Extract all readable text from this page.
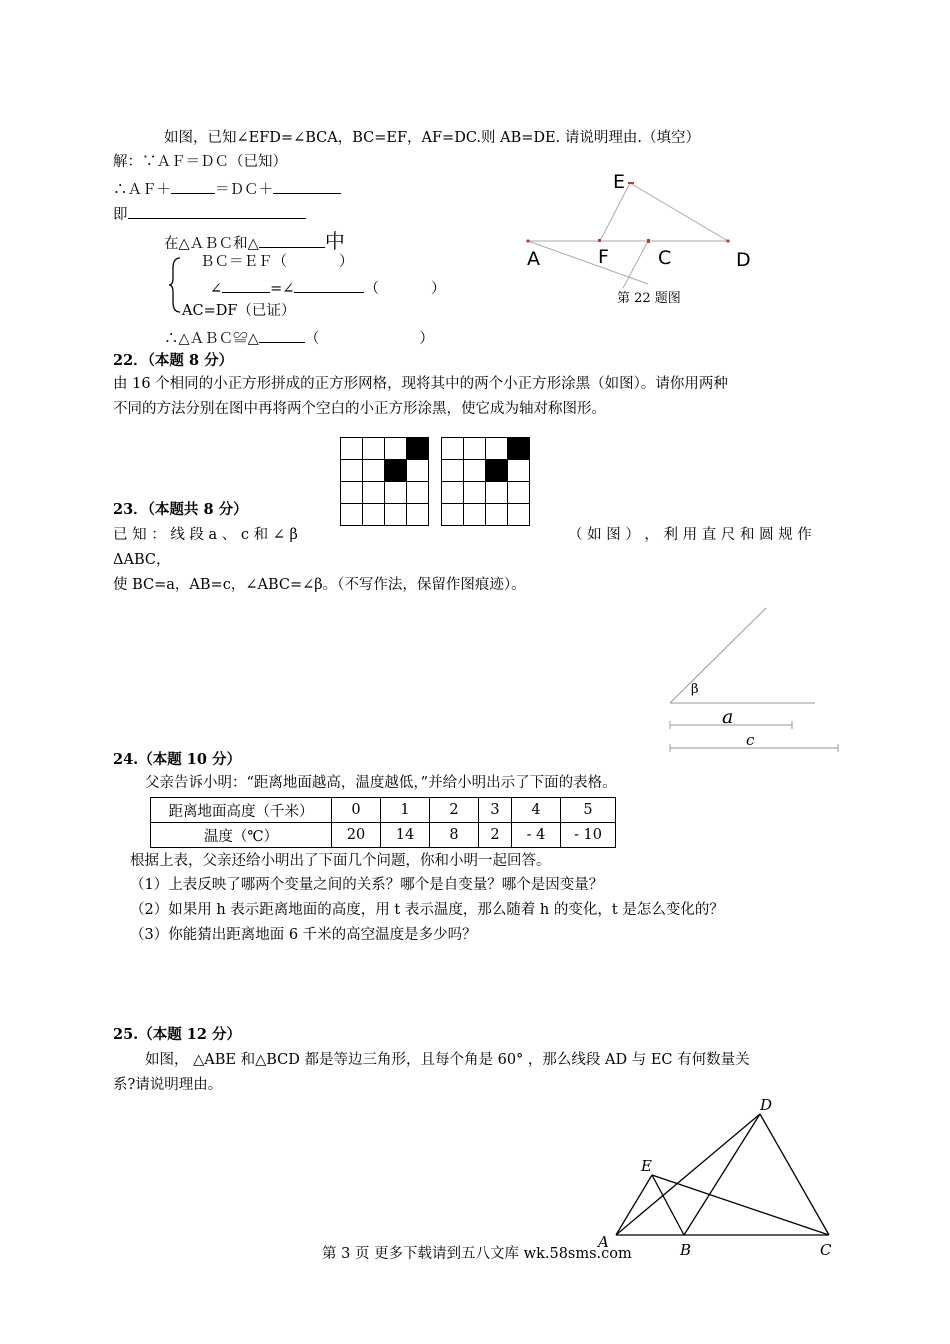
如图，已知∠EFD=∠BCA，BC=EF，AF=DC.则 AB=DE. 请说明理由.（填空）
解：∵ＡＦ＝ＤＣ（已知）
∴ＡＦ＋	＝ＤＣ＋
即
在△ＡＢＣ和△	中
ＢＣ＝ＥＦ（	）
∠	=∠	（	）
AC=DF（已证）
∴△ＡＢＣ≌△	（	）
E
A	F	C	D
第 22 题图
22．（本题 8 分）
由 16 个相同的小正方形拼成的正方形网格，现将其中的两个小正方形涂黑（如图）。请你用两种
不同的方法分别在图中再将两个空白的小正方形涂黑，使它成为轴对称图形。

23．（本题共 8 分）
已 知 ： 线 段 a 、 c 和 ∠ β	（ 如 图 ） ， 利 用 直 尺 和 圆 规 作
ΔABC，
使 BC=a，AB=c，∠ABC=∠β。（不写作法，保留作图痕迹）。
β
a
c
24.（本题 10 分）
父亲告诉小明：“距离地面越高，温度越低，”并给小明出示了下面的表格。
距离地面高度（千米）	0	1	2	3	4	5
温度（℃）	20	14	8	2	- 4	- 10
根据上表，父亲还给小明出了下面几个问题，你和小明一起回答。
（1）上表反映了哪两个变量之间的关系？哪个是自变量？哪个是因变量？
（2）如果用 h 表示距离地面的高度，用 t 表示温度，那么随着 h 的变化，t 是怎么变化的？
（3）你能猜出距离地面 6 千米的高空温度是多少吗？
25.（本题 12 分）
如图， △ABE 和△BCD 都是等边三角形，且每个角是 60° ，那么线段 AD 与 EC 有何数量关
系?请说明理由。
D
E
A	B	C
第 3 页 更多下载请到五八文库 wk.58sms.com
